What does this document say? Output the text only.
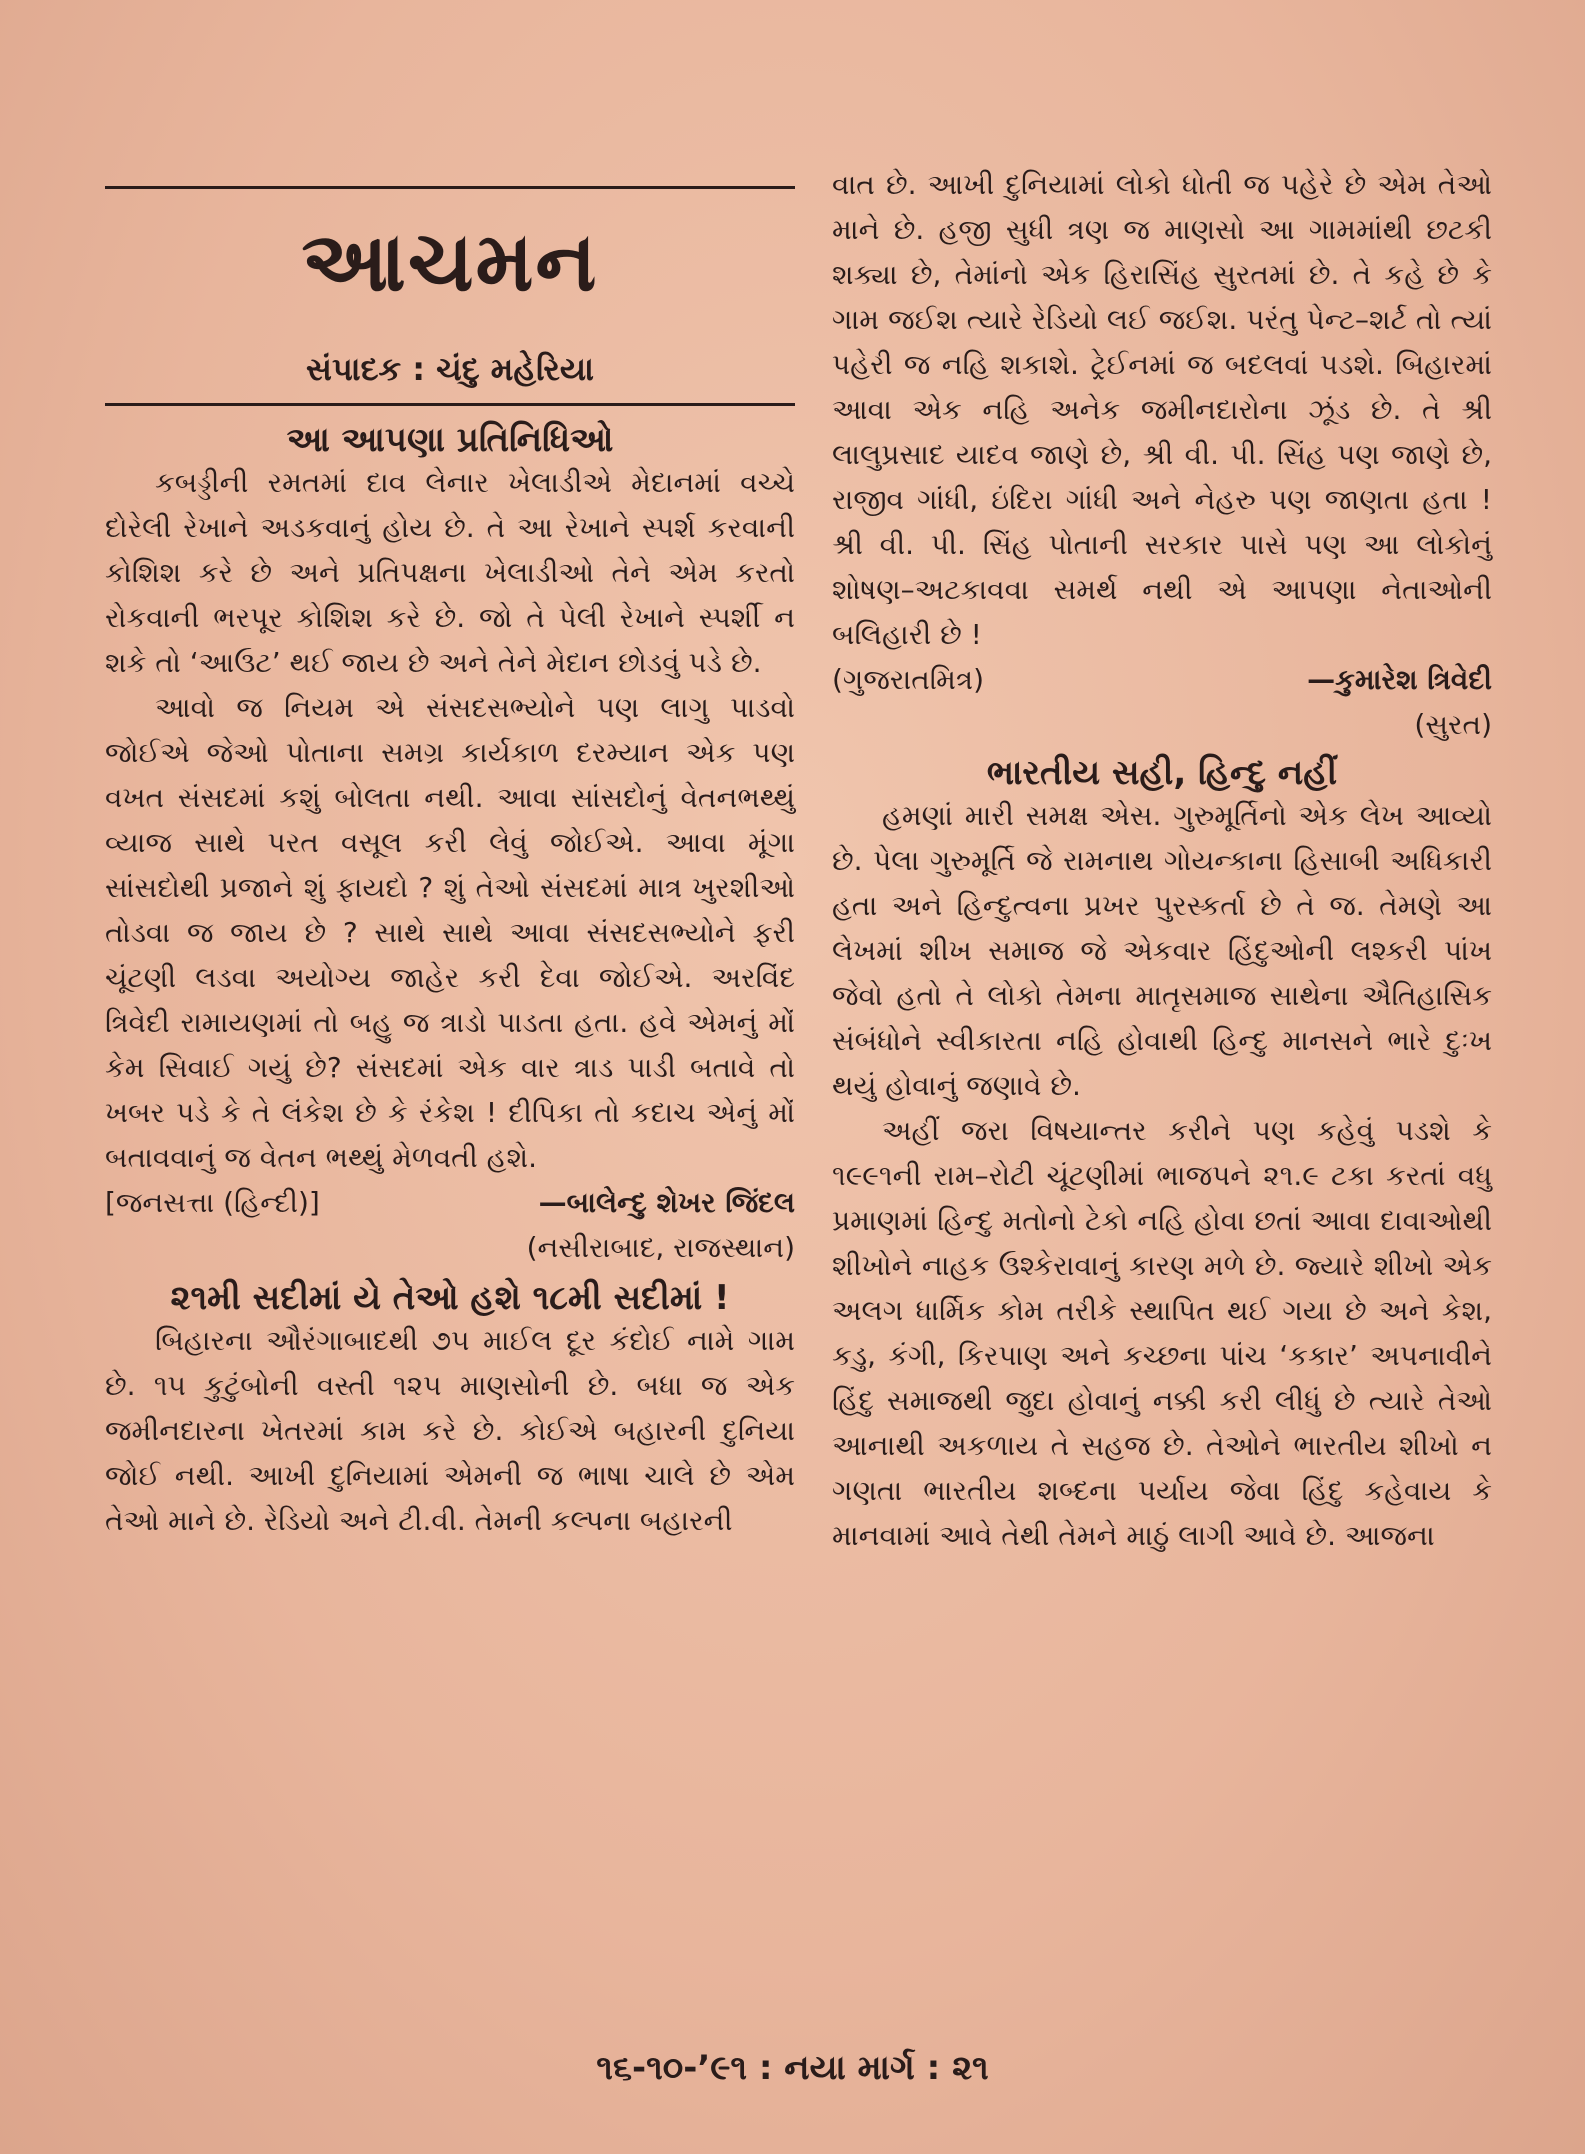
આચમન
સંપાદક : ચંદુ મહેરિયા
આ આપણા પ્રતિનિધિઓ

કબડ્ડીની રમતમાં દાવ લેનાર ખેલાડીએ મેદાનમાં વચ્ચે દોરેલી રેખાને અડકવાનું હોય છે. તે આ રેખાને સ્પર્શ કરવાની કોશિશ કરે છે અને પ્રતિપક્ષના ખેલાડીઓ તેને એમ કરતો રોકવાની ભરપૂર કોશિશ કરે છે. જો તે પેલી રેખાને સ્પર્શી ન શકે તો ‘આઉટ’ થઈ જાય છે અને તેને મેદાન છોડવું પડે છે.

આવો જ નિયમ એ સંસદસભ્યોને પણ લાગુ પાડવો જોઈએ જેઓ પોતાના સમગ્ર કાર્યકાળ દરમ્યાન એક પણ વખત સંસદમાં કશું બોલતા નથી. આવા સાંસદોનું વેતનભથ્થું વ્યાજ સાથે પરત વસૂલ કરી લેવું જોઈએ. આવા મૂંગા સાંસદોથી પ્રજાને શું ફાયદો ? શું તેઓ સંસદમાં માત્ર ખુરશીઓ તોડવા જ જાય છે ? સાથે સાથે આવા સંસદસભ્યોને ફરી ચૂંટણી લડવા અયોગ્ય જાહેર કરી દેવા જોઈએ. અરવિંદ ત્રિવેદી રામાયણમાં તો બહુ જ ત્રાડો પાડતા હતા. હવે એમનું મોં કેમ સિવાઈ ગયું છે? સંસદમાં એક વાર ત્રાડ પાડી બતાવે તો ખબર પડે કે તે લંકેશ છે કે રંકેશ ! દીપિકા તો કદાચ એનું મોં બતાવવાનું જ વેતન ભથ્થું મેળવતી હશે.

[જનસત્તા (હિન્દી)]	—બાલેન્દુ શેખર જિંદલ
(નસીરાબાદ, રાજસ્થાન)
૨૧મી સદીમાં યે તેઓ હશે ૧૮મી સદીમાં !

બિહારના ઔરંગાબાદથી ૭૫ માઈલ દૂર કંદોઈ નામે ગામ છે. ૧૫ કુટુંબોની વસ્તી ૧૨૫ માણસોની છે. બધા જ એક જમીનદારના ખેતરમાં કામ કરે છે. કોઈએ બહારની દુનિયા જોઈ નથી. આખી દુનિયામાં એમની જ ભાષા ચાલે છે એમ તેઓ માને છે. રેડિયો અને ટી.વી. તેમની કલ્પના બહારની

વાત છે. આખી દુનિયામાં લોકો ધોતી જ પહેરે છે એમ તેઓ માને છે. હજી સુધી ત્રણ જ માણસો આ ગામમાંથી છટકી શક્યા છે, તેમાંનો એક હિરાસિંહ સુરતમાં છે. તે કહે છે કે ગામ જઈશ ત્યારે રેડિયો લઈ જઈશ. પરંતુ પેન્ટ–શર્ટ તો ત્યાં પહેરી જ નહિ શકાશે. ટ્રેઈનમાં જ બદલવાં પડશે. બિહારમાં આવા એક નહિ અનેક જમીનદારોના ઝૂંડ છે. તે શ્રી લાલુપ્રસાદ યાદવ જાણે છે, શ્રી વી. પી. સિંહ પણ જાણે છે, રાજીવ ગાંધી, ઇંદિરા ગાંધી અને નેહરુ પણ જાણતા હતા ! શ્રી વી. પી. સિંહ પોતાની સરકાર પાસે પણ આ લોકોનું શોષણ–અટકાવવા સમર્થ નથી એ આપણા નેતાઓની બલિહારી છે !

(ગુજરાતમિત્ર)	—કુમારેશ ત્રિવેદી
(સુરત)
ભારતીય સહી, હિન્દુ નહીં

હમણાં મારી સમક્ષ એસ. ગુરુમૂર્તિનો એક લેખ આવ્યો છે. પેલા ગુરુમૂર્તિ જે રામનાથ ગોયન્કાના હિસાબી અધિકારી હતા અને હિન્દુત્વના પ્રખર પુરસ્કર્તા છે તે જ. તેમણે આ લેખમાં શીખ સમાજ જે એકવાર હિંદુઓની લશ્કરી પાંખ જેવો હતો તે લોકો તેમના માતૃસમાજ સાથેના ઐતિહાસિક સંબંધોને સ્વીકારતા નહિ હોવાથી હિન્દુ માનસને ભારે દુઃખ થયું હોવાનું જણાવે છે.

અહીં જરા વિષયાન્તર કરીને પણ કહેવું પડશે કે ૧૯૯૧ની રામ–રોટી ચૂંટણીમાં ભાજપને ૨૧.૯ ટકા કરતાં વધુ પ્રમાણમાં હિન્દુ મતોનો ટેકો નહિ હોવા છતાં આવા દાવાઓથી શીખોને નાહક ઉશ્કેરાવાનું કારણ મળે છે. જ્યારે શીખો એક અલગ ધાર્મિક કોમ તરીકે સ્થાપિત થઈ ગયા છે અને કેશ, કડુ, કંગી, કિરપાણ અને કચ્છના પાંચ ‘કકાર’ અપનાવીને હિંદુ સમાજથી જુદા હોવાનું નક્કી કરી લીધું છે ત્યારે તેઓ આનાથી અકળાય તે સહજ છે. તેઓને ભારતીય શીખો ન ગણતા ભારતીય શબ્દના પર્યાય જેવા હિંદુ કહેવાય કે માનવામાં આવે તેથી તેમને માઠું લાગી આવે છે. આજના

૧૬-૧૦-’૯૧ : નયા માર્ગ : ૨૧
